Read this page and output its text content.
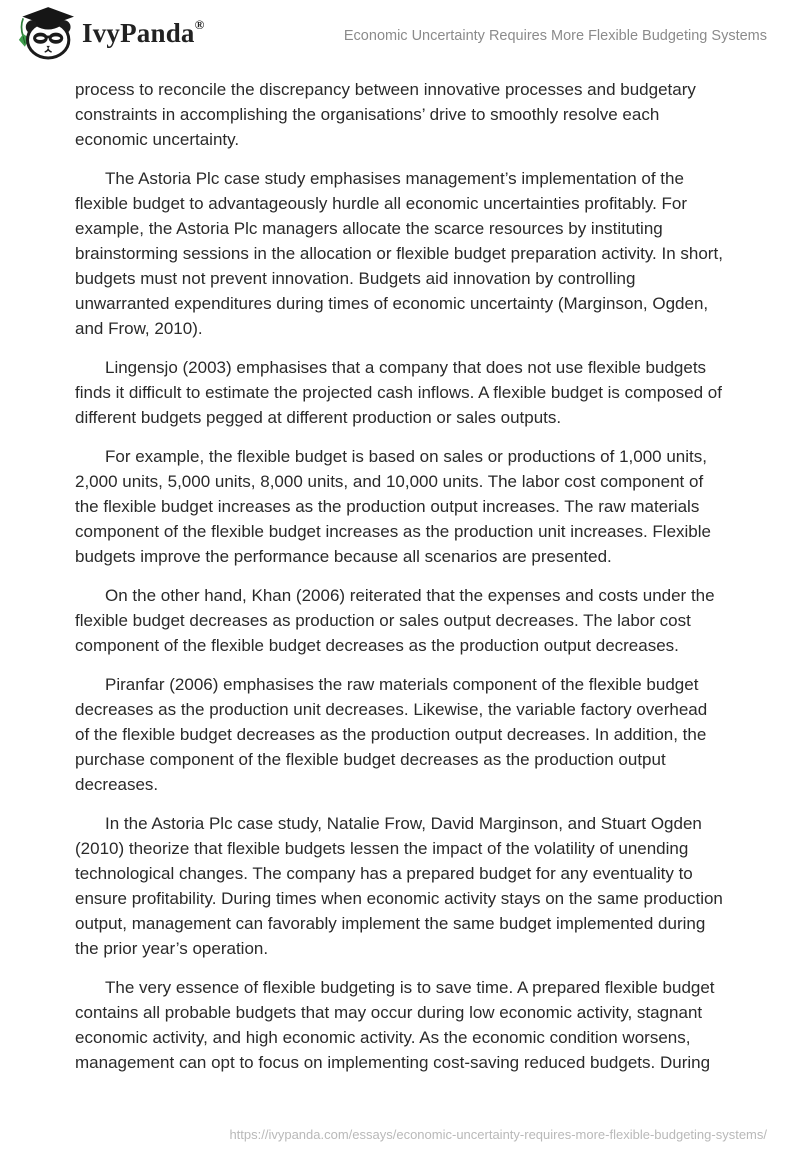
IvyPanda®
Economic Uncertainty Requires More Flexible Budgeting Systems

process to reconcile the discrepancy between innovative processes and budgetary constraints in accomplishing the organisations’ drive to smoothly resolve each economic uncertainty.

The Astoria Plc case study emphasises management’s implementation of the flexible budget to advantageously hurdle all economic uncertainties profitably. For example, the Astoria Plc managers allocate the scarce resources by instituting brainstorming sessions in the allocation or flexible budget preparation activity. In short, budgets must not prevent innovation. Budgets aid innovation by controlling unwarranted expenditures during times of economic uncertainty (Marginson, Ogden, and Frow, 2010).

Lingensjo (2003) emphasises that a company that does not use flexible budgets finds it difficult to estimate the projected cash inflows. A flexible budget is composed of different budgets pegged at different production or sales outputs.

For example, the flexible budget is based on sales or productions of 1,000 units, 2,000 units, 5,000 units, 8,000 units, and 10,000 units. The labor cost component of the flexible budget increases as the production output increases. The raw materials component of the flexible budget increases as the production unit increases. Flexible budgets improve the performance because all scenarios are presented.

On the other hand, Khan (2006) reiterated that the expenses and costs under the flexible budget decreases as production or sales output decreases. The labor cost component of the flexible budget decreases as the production output decreases.

Piranfar (2006) emphasises the raw materials component of the flexible budget decreases as the production unit decreases. Likewise, the variable factory overhead of the flexible budget decreases as the production output decreases. In addition, the purchase component of the flexible budget decreases as the production output decreases.

In the Astoria Plc case study, Natalie Frow, David Marginson, and Stuart Ogden (2010) theorize that flexible budgets lessen the impact of the volatility of unending technological changes. The company has a prepared budget for any eventuality to ensure profitability. During times when economic activity stays on the same production output, management can favorably implement the same budget implemented during the prior year’s operation.

The very essence of flexible budgeting is to save time. A prepared flexible budget contains all probable budgets that may occur during low economic activity, stagnant economic activity, and high economic activity. As the economic condition worsens, management can opt to focus on implementing cost-saving reduced budgets. During

https://ivypanda.com/essays/economic-uncertainty-requires-more-flexible-budgeting-systems/
